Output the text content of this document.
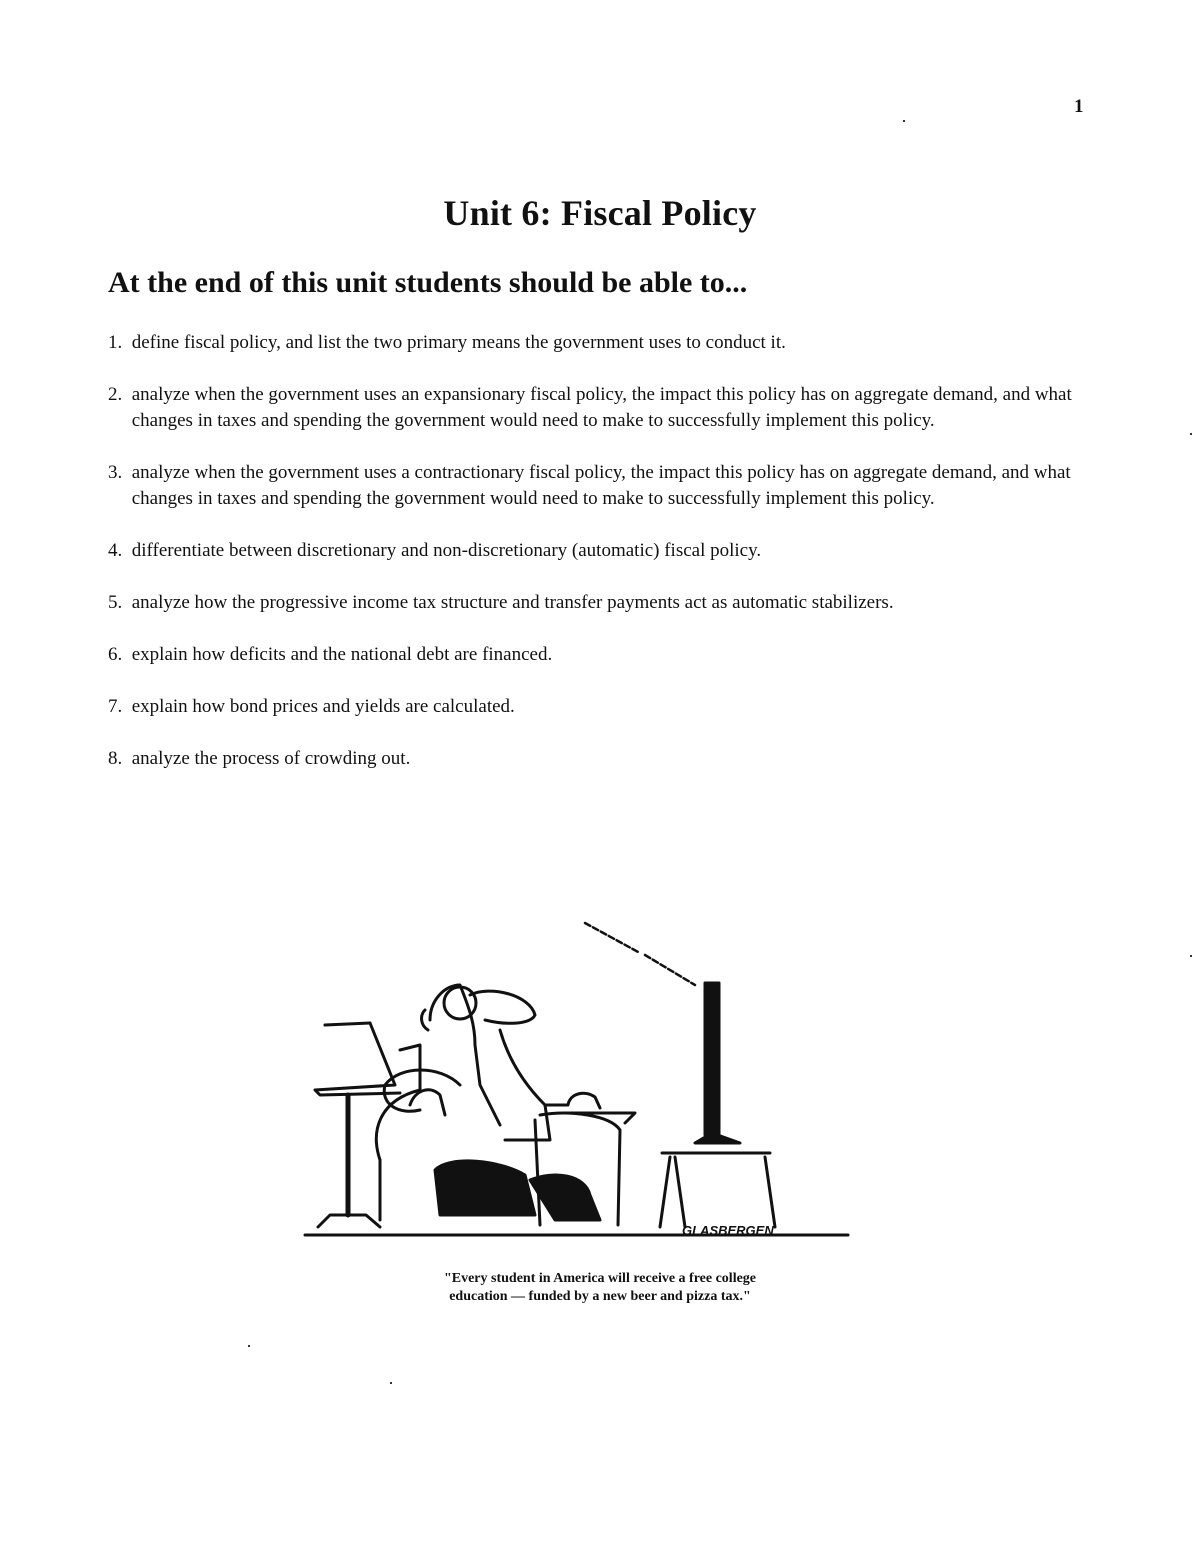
1
Unit 6: Fiscal Policy
At the end of this unit students should be able to...
1. define fiscal policy, and list the two primary means the government uses to conduct it.
2. analyze when the government uses an expansionary fiscal policy, the impact this policy has on aggregate demand, and what changes in taxes and spending the government would need to make to successfully implement this policy.
3. analyze when the government uses a contractionary fiscal policy, the impact this policy has on aggregate demand, and what changes in taxes and spending the government would need to make to successfully implement this policy.
4. differentiate between discretionary and non-discretionary (automatic) fiscal policy.
5. analyze how the progressive income tax structure and transfer payments act as automatic stabilizers.
6. explain how deficits and the national debt are financed.
7. explain how bond prices and yields are calculated.
8. analyze the process of crowding out.
GLASBERGEN
"Every student in America will receive a free college
education — funded by a new beer and pizza tax."
